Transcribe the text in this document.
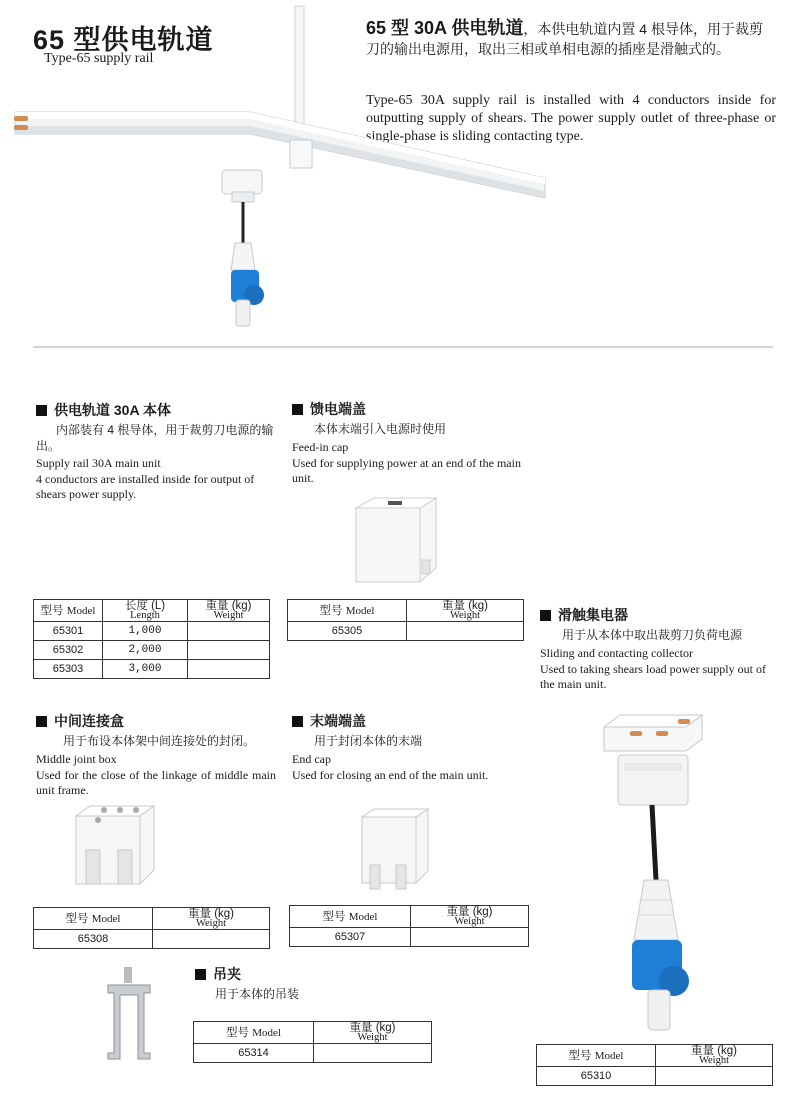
65 型供电轨道
Type-65 supply rail
65 型 30A 供电轨道，本供电轨道内置 4 根导体，用于裁剪刀的输出电源用，取出三相或单相电源的插座是滑触式的。
Type-65 30A supply rail is installed with 4 conductors inside for outputting supply of shears. The power supply outlet of three-phase or single-phase is sliding contacting type.
供电轨道 30A 本体
内部装有 4 根导体，用于裁剪刀电源的输出。
Supply rail 30A main unit
4 conductors are installed inside for output of shears power supply.
型号 Model	长度 (L)
Length	重量 (kg)
Weight

65301	1,000	
65302	2,000	
65303	3,000	
馈电端盖
本体末端引入电源时使用
Feed-in cap
Used for supplying power at an end of the main unit.
型号 Model	重量 (kg)
Weight

65305	
滑触集电器
用于从本体中取出裁剪刀负荷电源
Sliding and contacting collector
Used to taking shears load power supply out of the main unit.
型号 Model	重量 (kg)
Weight

65310	
中间连接盒
用于布设本体架中间连接处的封闭。
Middle joint box
Used for the close of the linkage of middle main unit frame.
型号 Model	重量 (kg)
Weight

65308	
末端端盖
用于封闭本体的末端
End cap
Used for closing an end of the main unit.
型号 Model	重量 (kg)
Weight

65307	
吊夹
用于本体的吊装
型号 Model	重量 (kg)
Weight

65314	
